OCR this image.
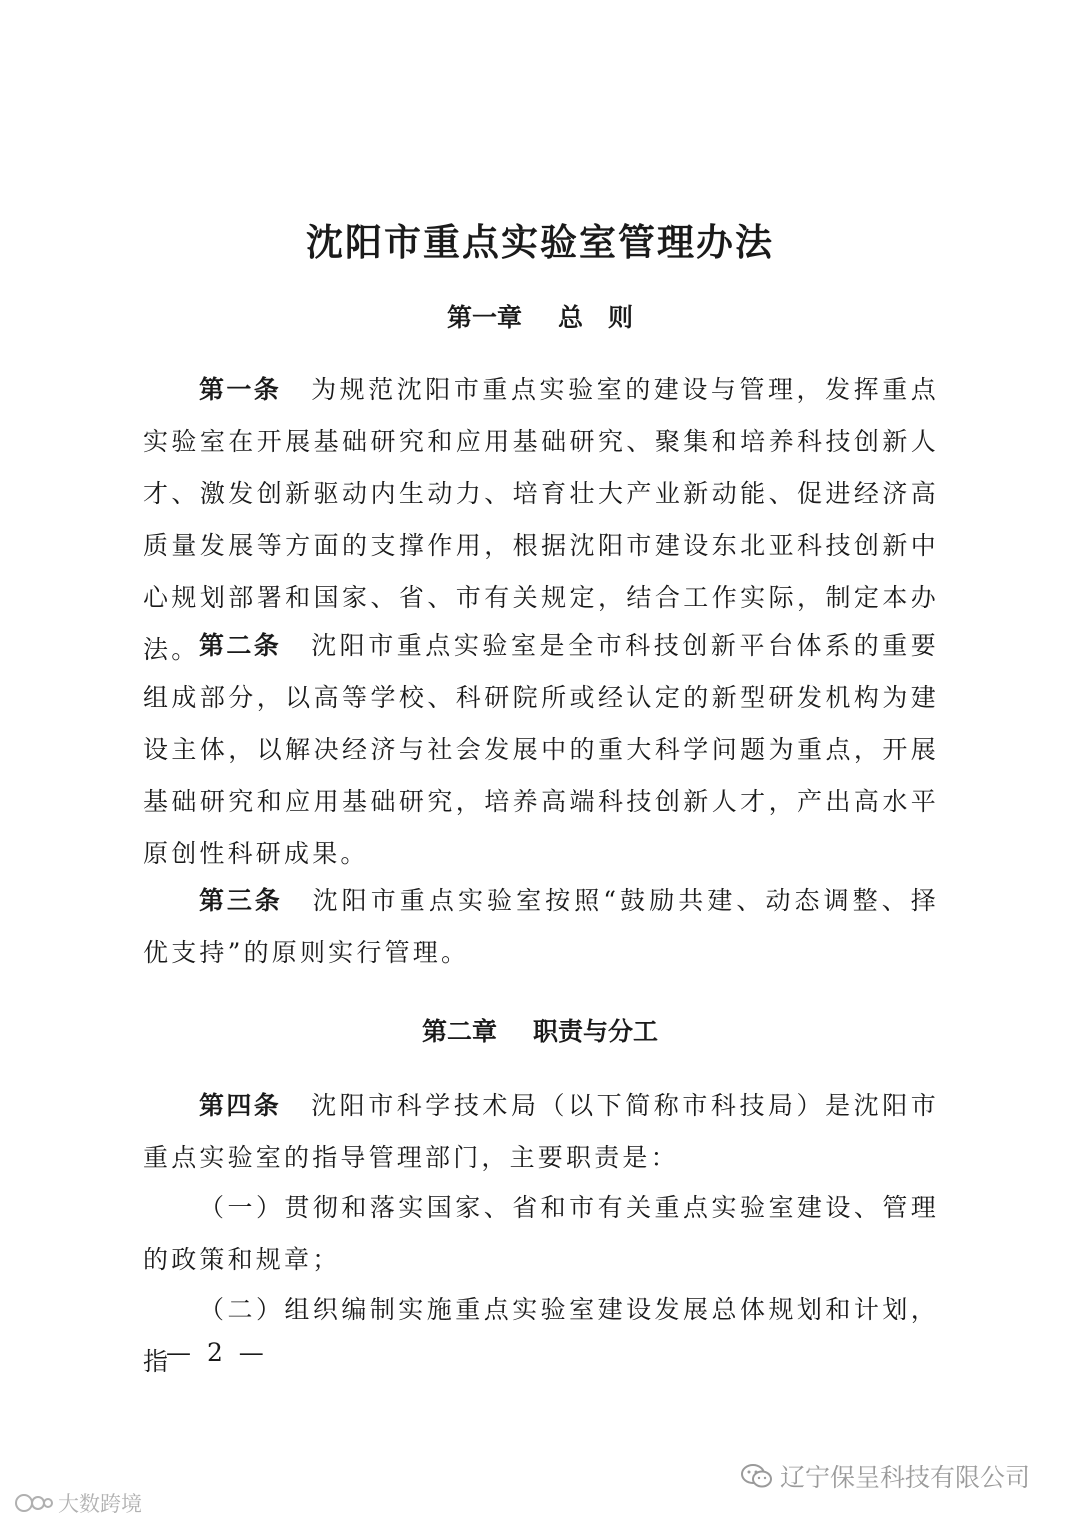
沈阳市重点实验室管理办法
第一章 总　则

第一条 为规范沈阳市重点实验室的建设与管理，发挥重点实验室在开展基础研究和应用基础研究、聚集和培养科技创新人才、激发创新驱动内生动力、培育壮大产业新动能、促进经济高质量发展等方面的支撑作用，根据沈阳市建设东北亚科技创新中心规划部署和国家、省、市有关规定，结合工作实际，制定本办法。 第二条 沈阳市重点实验室是全市科技创新平台体系的重要组成部分，以高等学校、科研院所或经认定的新型研发机构为建设主体，以解决经济与社会发展中的重大科学问题为重点，开展基础研究和应用基础研究，培养高端科技创新人才，产出高水平原创性科研成果。

第三条 沈阳市重点实验室按照“鼓励共建、动态调整、择优支持”的原则实行管理。

第二章 职责与分工

第四条 沈阳市科学技术局（以下简称市科技局）是沈阳市重点实验室的指导管理部门，主要职责是：

（一）贯彻和落实国家、省和市有关重点实验室建设、管理的政策和规章；

（二）组织编制实施重点实验室建设发展总体规划和计划，指

— 2 —
辽宁保呈科技有限公司
大数跨境
